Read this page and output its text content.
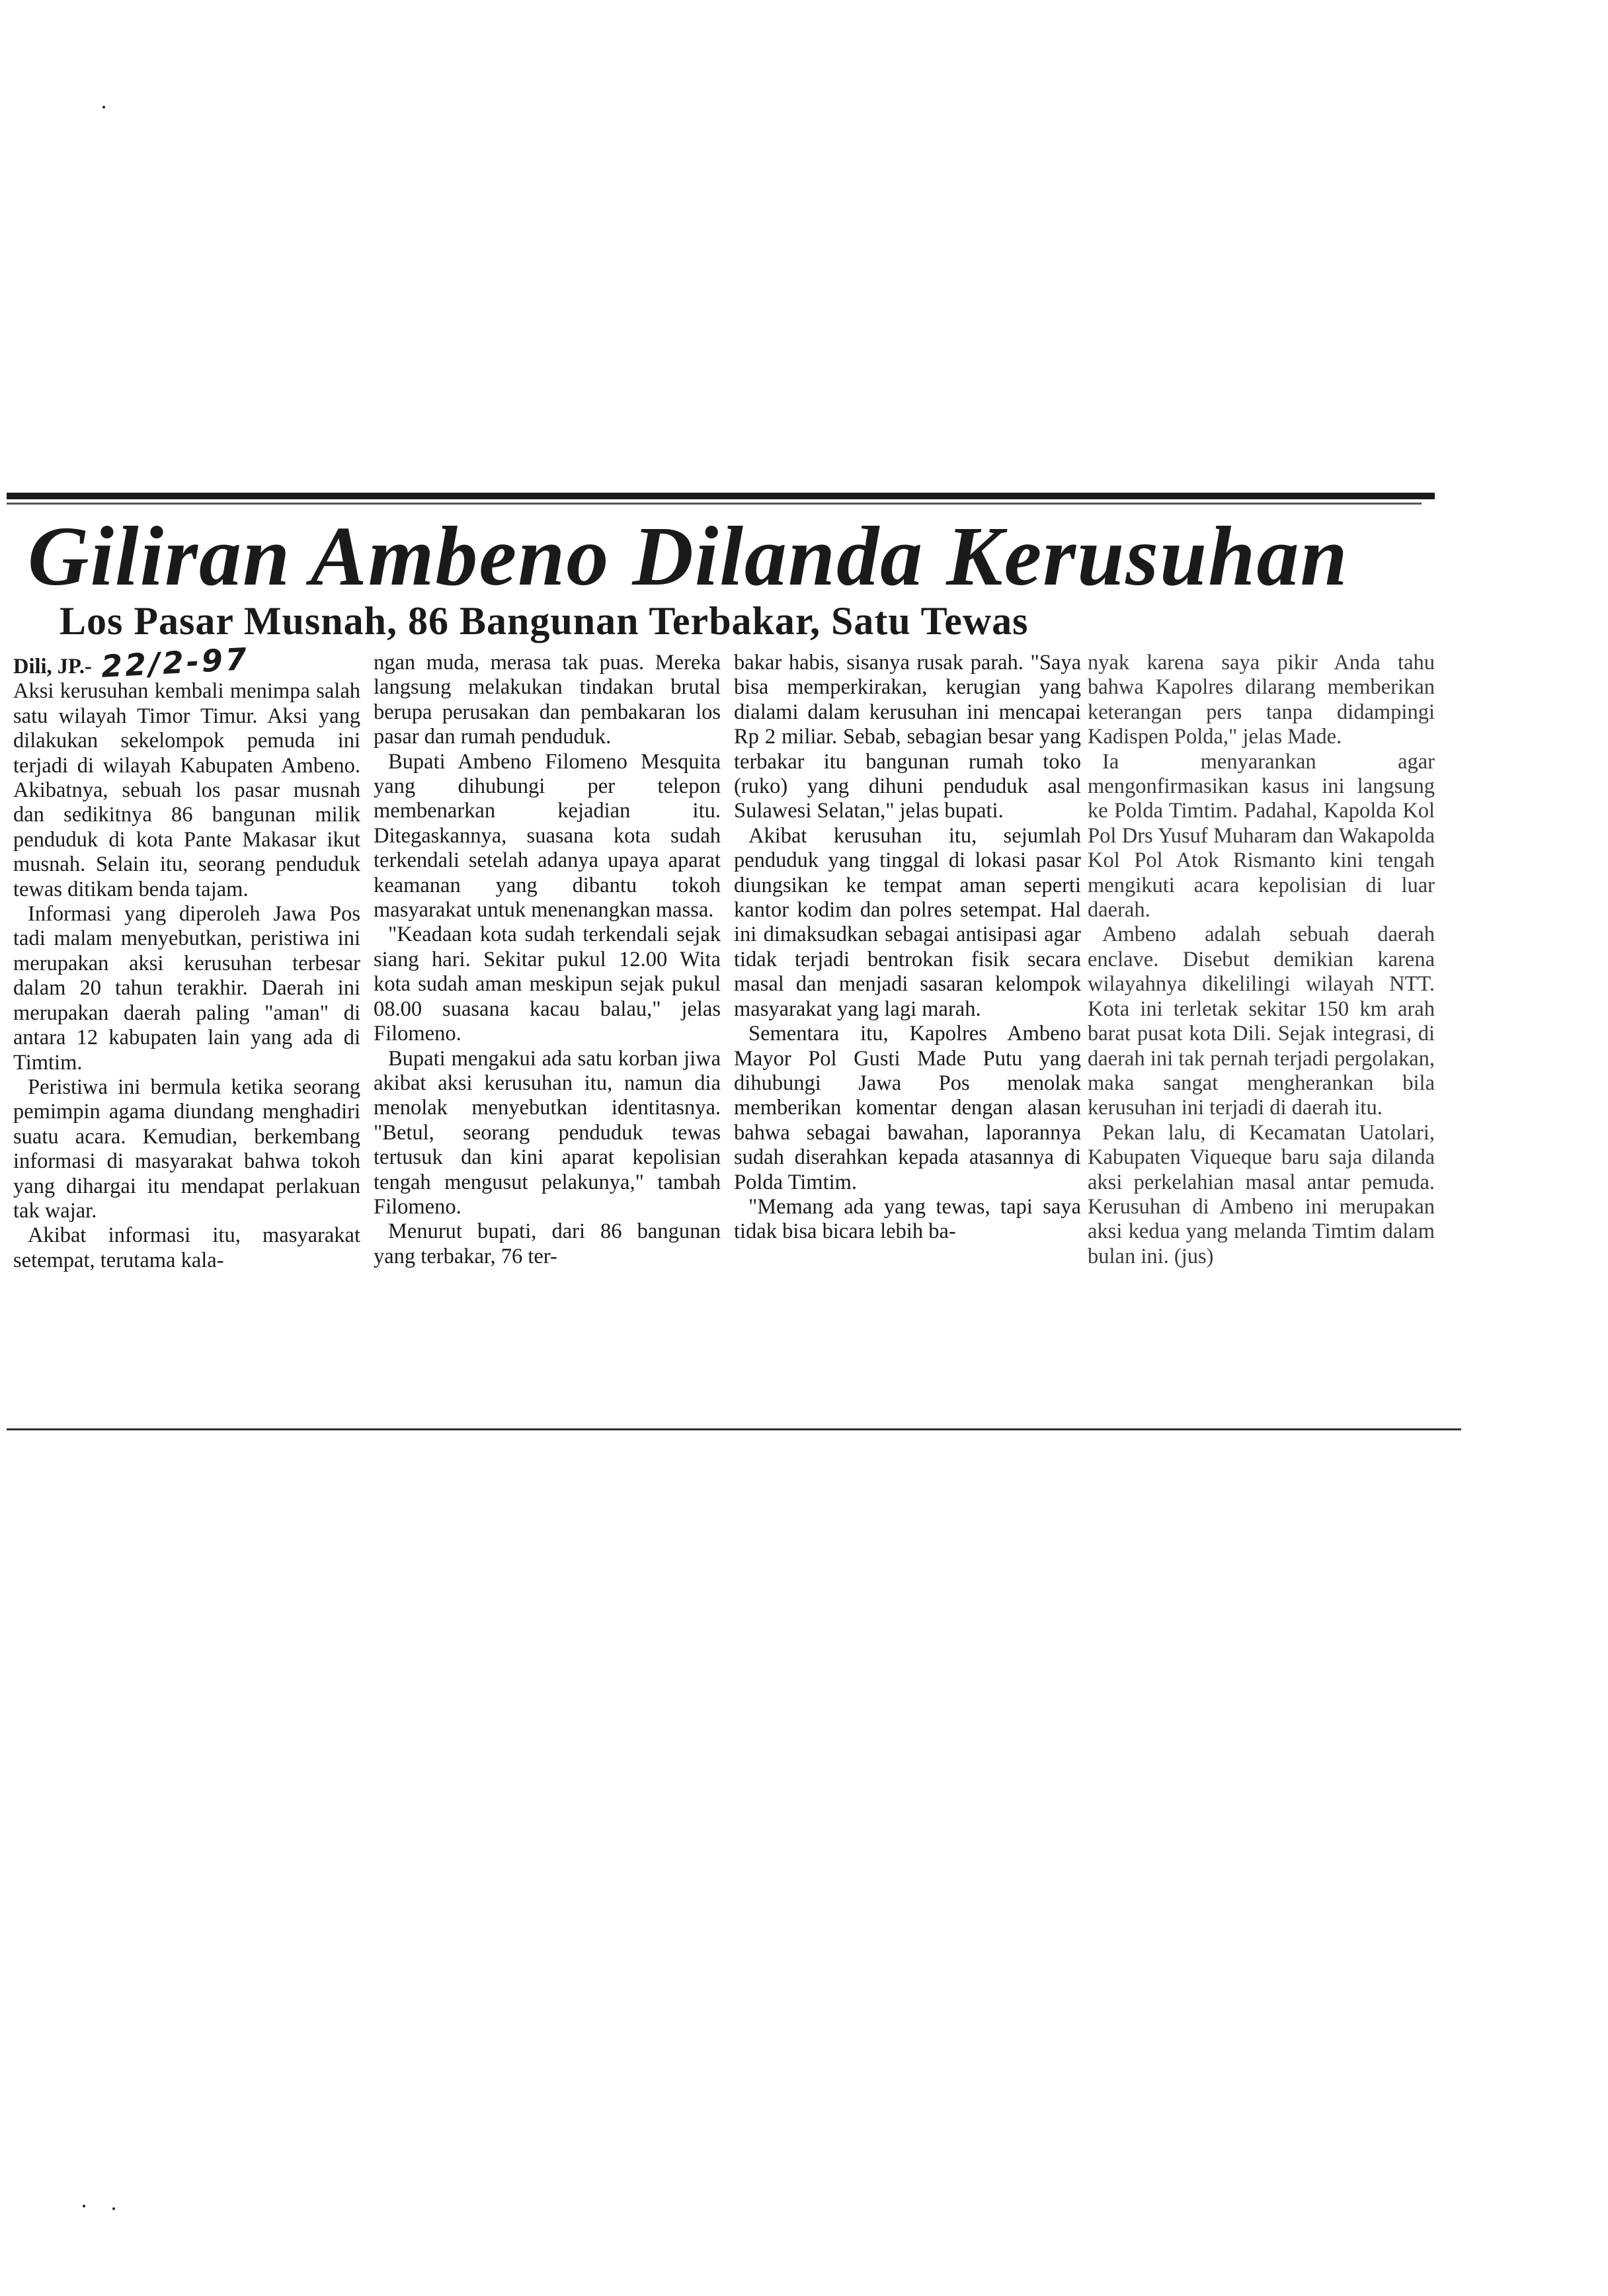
Giliran Ambeno Dilanda Kerusuhan
Los Pasar Musnah, 86 Bangunan Terbakar, Satu Tewas

Dili, JP.- 22/2-97
Aksi kerusuhan kembali menimpa salah satu wilayah Timor Timur. Aksi yang dilakukan sekelompok pemuda ini terjadi di wilayah Kabupaten Ambeno. Akibatnya, sebuah los pasar musnah dan sedikitnya 86 bangunan milik penduduk di kota Pante Makasar ikut musnah. Selain itu, seorang penduduk tewas ditikam benda tajam.

Informasi yang diperoleh Jawa Pos tadi malam menyebutkan, peristiwa ini merupakan aksi kerusuhan terbesar dalam 20 tahun terakhir. Daerah ini merupakan daerah paling "aman" di antara 12 kabupaten lain yang ada di Timtim.

Peristiwa ini bermula ketika seorang pemimpin agama diundang menghadiri suatu acara. Kemudian, berkembang informasi di masyarakat bahwa tokoh yang dihargai itu mendapat perlakuan tak wajar.

Akibat informasi itu, masyarakat setempat, terutama kala-

ngan muda, merasa tak puas. Mereka langsung melakukan tindakan brutal berupa perusakan dan pembakaran los pasar dan rumah penduduk.

Bupati Ambeno Filomeno Mesquita yang dihubungi per telepon membenarkan kejadian itu. Ditegaskannya, suasana kota sudah terkendali setelah adanya upaya aparat keamanan yang dibantu tokoh masyarakat untuk menenangkan massa.

"Keadaan kota sudah terkendali sejak siang hari. Sekitar pukul 12.00 Wita kota sudah aman meskipun sejak pukul 08.00 suasana kacau balau," jelas Filomeno.

Bupati mengakui ada satu korban jiwa akibat aksi kerusuhan itu, namun dia menolak menyebutkan identitasnya. "Betul, seorang penduduk tewas tertusuk dan kini aparat kepolisian tengah mengusut pelakunya," tambah Filomeno.

Menurut bupati, dari 86 bangunan yang terbakar, 76 ter-

bakar habis, sisanya rusak parah. "Saya bisa memperkirakan, kerugian yang dialami dalam kerusuhan ini mencapai Rp 2 miliar. Sebab, sebagian besar yang terbakar itu bangunan rumah toko (ruko) yang dihuni penduduk asal Sulawesi Selatan," jelas bupati.

Akibat kerusuhan itu, sejumlah penduduk yang tinggal di lokasi pasar diungsikan ke tempat aman seperti kantor kodim dan polres setempat. Hal ini dimaksudkan sebagai antisipasi agar tidak terjadi bentrokan fisik secara masal dan menjadi sasaran kelompok masyarakat yang lagi marah.

Sementara itu, Kapolres Ambeno Mayor Pol Gusti Made Putu yang dihubungi Jawa Pos menolak memberikan komentar dengan alasan bahwa sebagai bawahan, laporannya sudah diserahkan kepada atasannya di Polda Timtim.

"Memang ada yang tewas, tapi saya tidak bisa bicara lebih ba-

nyak karena saya pikir Anda tahu bahwa Kapolres dilarang memberikan keterangan pers tanpa didampingi Kadispen Polda," jelas Made.

Ia menyarankan agar mengonfirmasikan kasus ini langsung ke Polda Timtim. Padahal, Kapolda Kol Pol Drs Yusuf Muharam dan Wakapolda Kol Pol Atok Rismanto kini tengah mengikuti acara kepolisian di luar daerah.

Ambeno adalah sebuah daerah enclave. Disebut demikian karena wilayahnya dikelilingi wilayah NTT. Kota ini terletak sekitar 150 km arah barat pusat kota Dili. Sejak integrasi, di daerah ini tak pernah terjadi pergolakan, maka sangat mengherankan bila kerusuhan ini terjadi di daerah itu.

Pekan lalu, di Kecamatan Uatolari, Kabupaten Viqueque baru saja dilanda aksi perkelahian masal antar pemuda. Kerusuhan di Ambeno ini merupakan aksi kedua yang melanda Timtim dalam bulan ini. (jus)
